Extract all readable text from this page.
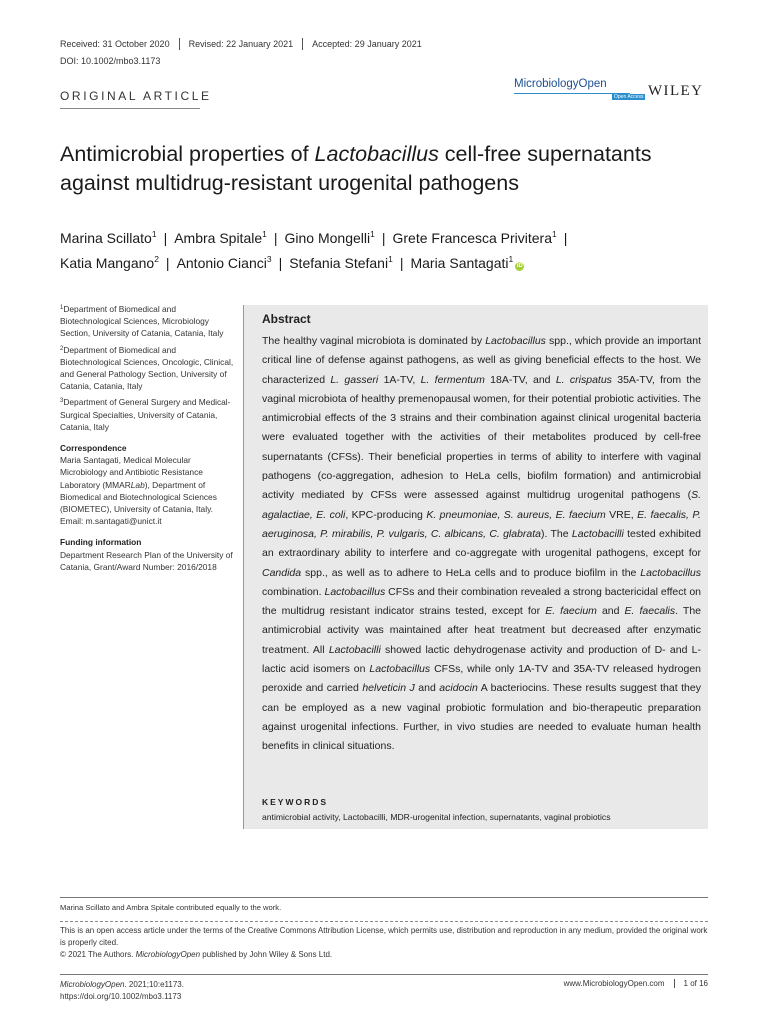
Received: 31 October 2020	Revised: 22 January 2021	Accepted: 29 January 2021
DOI: 10.1002/mbo3.1173
ORIGINAL ARTICLE
MicrobiologyOpen
Open Access WILEY
Antimicrobial properties of Lactobacillus cell-free supernatants against multidrug-resistant urogenital pathogens
Marina Scillato$^1$ | Ambra Spitale$^1$ | Gino Mongelli$^1$ | Grete Francesca Privitera$^1$ |
Katia Mangano$^2$ | Antonio Cianci$^3$ | Stefania Stefani$^1$ | Maria Santagati$^1$iD
$^1$Department of Biomedical and Biotechnological Sciences, Microbiology Section, University of Catania, Catania, Italy
$^2$Department of Biomedical and Biotechnological Sciences, Oncologic, Clinical, and General Pathology Section, University of Catania, Catania, Italy
$^3$Department of General Surgery and Medical-Surgical Specialties, University of Catania, Catania, Italy
Correspondence
Maria Santagati, Medical Molecular Microbiology and Antibiotic Resistance Laboratory (MMARLab), Department of Biomedical and Biotechnological Sciences (BIOMETEC), University of Catania, Italy.
Email: m.santagati@unict.it
Funding information
Department Research Plan of the University of Catania, Grant/Award Number: 2016/2018
Abstract
The healthy vaginal microbiota is dominated by Lactobacillus spp., which provide an important critical line of defense against pathogens, as well as giving beneficial effects to the host. We characterized L. gasseri 1A-TV, L. fermentum 18A-TV, and L. crispatus 35A-TV, from the vaginal microbiota of healthy premenopausal women, for their potential probiotic activities. The antimicrobial effects of the 3 strains and their combination against clinical urogenital bacteria were evaluated together with the activities of their metabolites produced by cell-free supernatants (CFSs). Their beneficial properties in terms of ability to interfere with vaginal pathogens (co-aggregation, adhesion to HeLa cells, biofilm formation) and antimicrobial activity mediated by CFSs were assessed against multidrug urogenital pathogens (S. agalactiae, E. coli, KPC-producing K. pneumoniae, S. aureus, E. faecium VRE, E. faecalis, P. aeruginosa, P. mirabilis, P. vulgaris, C. albicans, C. glabrata). The Lactobacilli tested exhibited an extraordinary ability to interfere and co-aggregate with urogenital pathogens, except for Candida spp., as well as to adhere to HeLa cells and to produce biofilm in the Lactobacillus combination. Lactobacillus CFSs and their combination revealed a strong bactericidal effect on the multidrug resistant indicator strains tested, except for E. faecium and E. faecalis. The antimicrobial activity was maintained after heat treatment but decreased after enzymatic treatment. All Lactobacilli showed lactic dehydrogenase activity and production of D- and L-lactic acid isomers on Lactobacillus CFSs, while only 1A-TV and 35A-TV released hydrogen peroxide and carried helveticin J and acidocin A bacteriocins. These results suggest that they can be employed as a new vaginal probiotic formulation and bio-therapeutic preparation against urogenital infections. Further, in vivo studies are needed to evaluate human health benefits in clinical situations.
KEYWORDS
antimicrobial activity, Lactobacilli, MDR-urogenital infection, supernatants, vaginal probiotics
Marina Scillato and Ambra Spitale contributed equally to the work.
This is an open access article under the terms of the Creative Commons Attribution License, which permits use, distribution and reproduction in any medium, provided the original work is properly cited.
© 2021 The Authors. MicrobiologyOpen published by John Wiley & Sons Ltd.
MicrobiologyOpen. 2021;10:e1173.
https://doi.org/10.1002/mbo3.1173
www.MicrobiologyOpen.com	1 of 16
